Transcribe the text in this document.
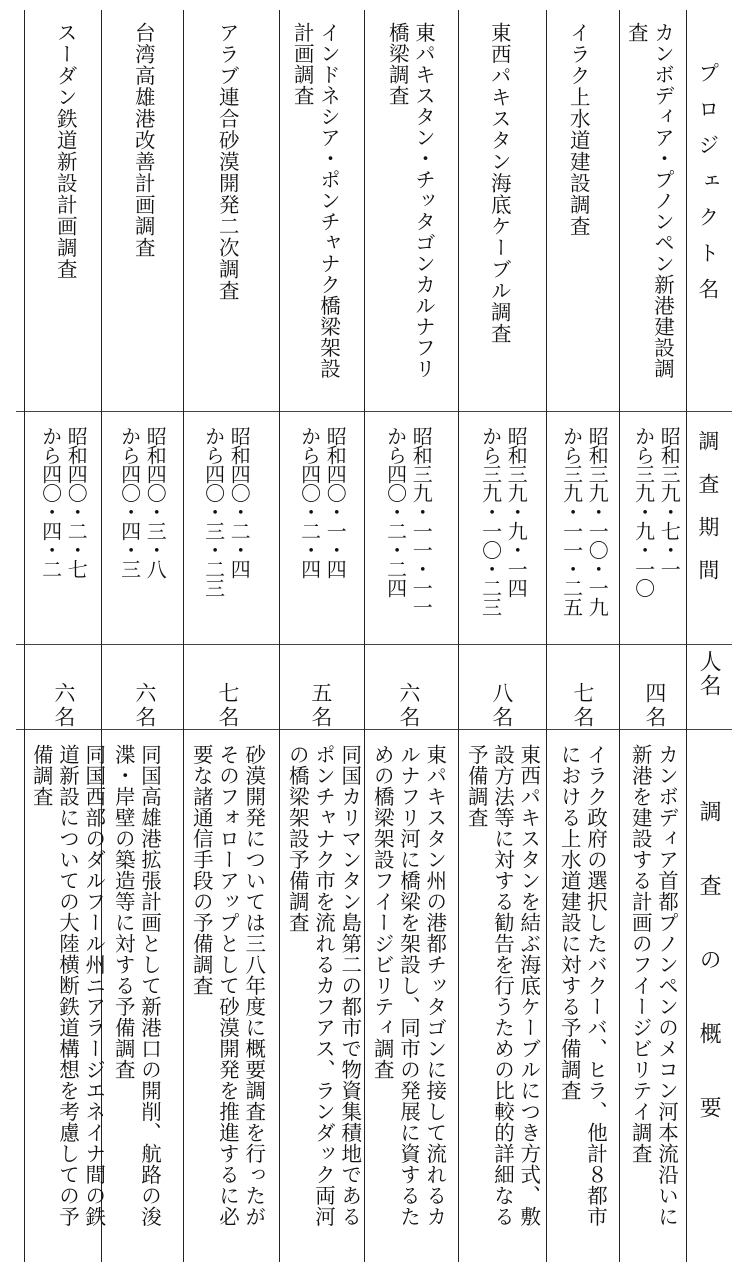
プロジェクト名
調査期間
人名
調査の概要
カンボディア・プノンペン新港建設調
査
昭和三九・七・一
から三九・九・一〇
四名
カンボディア首都プノンペンのメコン河本流沿いに
新港を建設する計画のフイージビリテイ調査
イラク上水道建設調査
昭和三九・一〇・一九
から三九・一一・二五
七名
イラク政府の選択したバクーバ、ヒラ、他計８都市
における上水道建設に対する予備調査
東西パキスタン海底ケーブル調査
昭和三九・九・一四
から三九・一〇・二三
八名
東西パキスタンを結ぶ海底ケーブルにつき方式、敷
設方法等に対する勧告を行うための比較的詳細なる
予備調査
東パキスタン・チッタゴンカルナフリ
橋梁調査
昭和三九・一一・一一
から四〇・二・二四
六名
東パキスタン州の港都チッタゴンに接して流れるカ
ルナフリ河に橋梁を架設し、同市の発展に資するた
めの橋梁架設フイージビリティ調査
インドネシア・ポンチャナク橋梁架設
計画調査
昭和四〇・一・四
から四〇・二・四
五名
同国カリマンタン島第二の都市で物資集積地である
ポンチャナク市を流れるカフアス、ランダック両河
の橋梁架設予備調査
アラブ連合砂漠開発二次調査
昭和四〇・二・四
から四〇・三・二三
七名
砂漠開発については三八年度に概要調査を行ったが
そのフォローアップとして砂漠開発を推進するに必
要な諸通信手段の予備調査
台湾高雄港改善計画調査
昭和四〇・三・八
から四〇・四・三
六名
同国高雄港拡張計画として新港口の開削、航路の浚
渫・岸壁の築造等に対する予備調査
スーダン鉄道新設計画調査
昭和四〇・二・七
から四〇・四・二
六名
同国西部のダルフール州ニアラージエネイナ間の鉄
道新設についての大陸横断鉄道構想を考慮しての予
備調査
